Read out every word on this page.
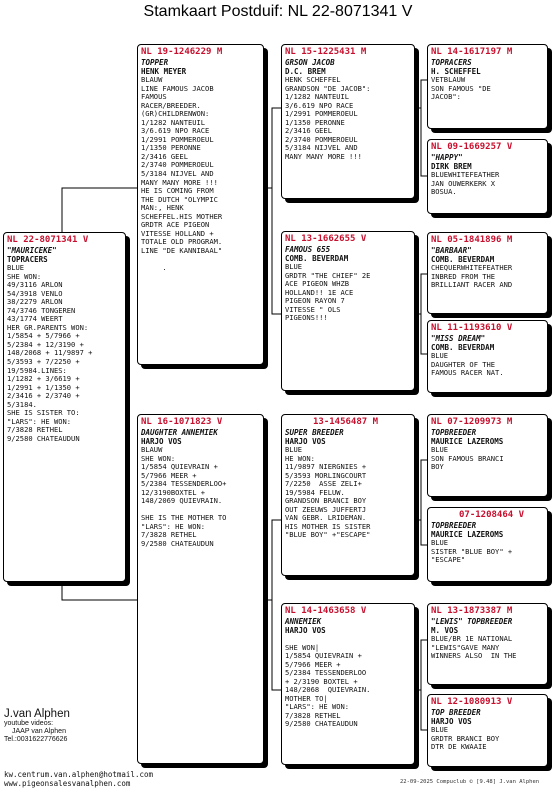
Stamkaart Postduif: NL 22-8071341 V
NL 22-8071341 V
"MAURICEKE"
TOPRACERS
BLUE
SHE WON:
49/3116 ARLON
54/3918 VENLO
38/2279 ARLON
74/3746 TONGEREN
43/1774 WEERT
HER GR.PARENTS WON:
1/5854 + 5/7966 +
5/2384 + 12/3190 +
148/2068 + 11/9897 +
5/3593 + 7/2250 +
19/5984.LINES:
1/1282 + 3/6619 +
1/2991 + 1/1350 +
2/3416 + 2/3740 +
5/3184.
SHE IS SISTER TO:
"LARS": HE WON:
7/3828 RETHEL
9/2580 CHATEAUDUN
NL 19-1246229 M
TOPPER
HENK MEYER
BLAUW
LINE FAMOUS JACOB
FAMOUS
RACER/BREEDER.
(GR)CHILDRENWON:
1/1282 NANTEUIL
3/6.619 NPO RACE
1/2991 POMMEROEUL
1/1350 PERONNE
2/3416 GEEL
2/3740 POMMEROEUL
5/3184 NIJVEL AND
MANY MANY MORE !!!
HE IS COMING FROM
THE DUTCH "OLYMPIC
MAN:, HENK
SCHEFFEL.HIS MOTHER
GRDTR ACE PIGEON
VITESSE HOLLAND +
TOTALE OLD PROGRAM.
LINE "DE KANNIBAAL"

.
NL 16-1071823 V
DAUGHTER ANNEMIEK
HARJO VOS
BLAUW
SHE WON:
1/5854 QUIEVRAIN +
5/7966 MEER +
5/2384 TESSENDERLOO+
12/3190BOXTEL +
148/2069 QUIEVRAIN.

SHE IS THE MOTHER TO
"LARS": HE WON:
7/3828 RETHEL
9/2580 CHATEAUDUN
NL 15-1225431 M
GRSON JACOB
D.C. BREM
HENK SCHEFFEL
GRANDSON "DE JACOB":
1/1282 NANTEUIL
3/6.619 NPO RACE
1/2991 POMMEROEUL
1/1350 PERONNE
2/3416 GEEL
2/3740 POMMEROEUL
5/3184 NIJVEL AND
MANY MANY MORE !!!
NL 13-1662655 V
FAMOUS 655
COMB. BEVERDAM
BLUE
GRDTR "THE CHIEF" 2E
ACE PIGEON WHZB
HOLLAND!! 1E ACE
PIGEON RAYON 7
VITESSE " OLS
PIGEONS!!!
13-1456487 M
SUPER BREEDER
HARJO VOS
BLUE
HE WON:
11/9897 NIERGNIES +
5/3593 MORLINGCOURT
7/2250  ASSE ZELI+
19/5984 FELUW.
GRANDSON BRANCI BOY
OUT ZEEUWS JUFFERTJ
VAN GEBR. LRIDEMAN.
HIS MOTHER IS SISTER
"BLUE BOY" +"ESCAPE"
NL 14-1463658 V
ANNEMIEK
HARJO VOS

SHE WON|
1/5854 QUIEVRAIN +
5/7966 MEER +
5/2384 TESSENDERLOO
+ 2/3190 BOXTEL +
148/2068  QUIEVRAIN.
MOTHER TO|
"LARS": HE WON:
7/3828 RETHEL
9/2580 CHATEAUDUN
NL 14-1617197 M
TOPRACERS
H. SCHEFFEL
VETBLAUW
SON FAMOUS "DE
JACOB":
NL 09-1669257 V
"HAPPY"
DIRK BREM
BLUEWHITEFEATHER
JAN OUWERKERK X
BOSUA.
NL 05-1841896 M
"BARBAAR"
COMB. BEVERDAM
CHEQUERWHITEFEATHER
INBRED FROM THE
BRILLIANT RACER AND
NL 11-1193610 V
"MISS DREAM"
COMB. BEVERDAM
BLUE
DAUGHTER OF THE
FAMOUS RACER NAT.
NL 07-1209973 M
TOPBREEDER
MAURICE LAZEROMS
BLUE
SON FAMOUS BRANCI
BOY
07-1208464 V
TOPBREEDER
MAURICE LAZEROMS
BLUE
SISTER "BLUE BOY" +
"ESCAPE"
NL 13-1873387 M
"LEWIS" TOPBREEDER
M. VOS
BLUE/BR 1E NATIONAL
"LEWIS"GAVE MANY
WINNERS ALSO  IN THE
NL 12-1080913 V
TOP BREEDER
HARJO VOS
BLUE
GRDTR BRANCI BOY
DTR DE KWAAIE
J.van Alphen
youtube videos:
JAAP van Alphen
Tel.:0031622776626
kw.centrum.van.alphen@hotmail.com
www.pigeonsalesvanalphen.com	22-09-2025 Compuclub © [9.48] J.van Alphen
